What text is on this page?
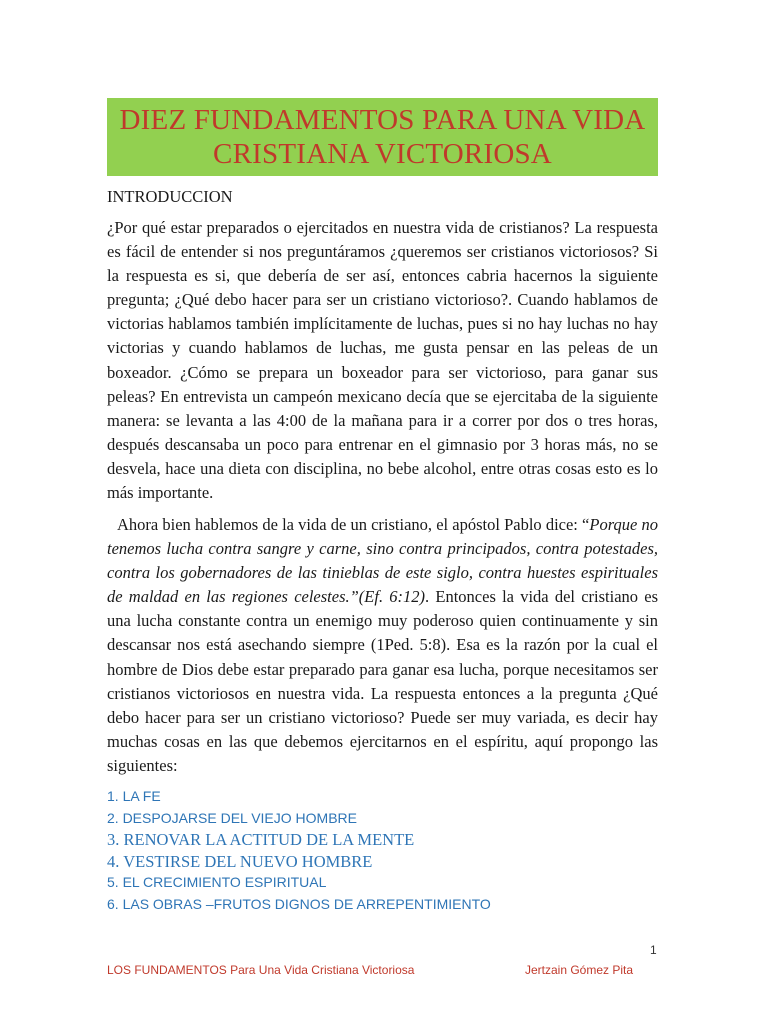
DIEZ FUNDAMENTOS PARA UNA VIDA
CRISTIANA VICTORIOSA
INTRODUCCION

¿Por qué estar preparados o ejercitados en nuestra vida de cristianos? La respuesta es fácil de entender si nos preguntáramos ¿queremos ser cristianos victoriosos? Si la respuesta es si, que debería de ser así, entonces cabria hacernos la siguiente pregunta; ¿Qué debo hacer para ser un cristiano victorioso?. Cuando hablamos de victorias hablamos también implícitamente de luchas, pues si no hay luchas no hay victorias y cuando hablamos de luchas, me gusta pensar en las peleas de un boxeador. ¿Cómo se prepara un boxeador para ser victorioso, para ganar sus peleas? En entrevista un campeón mexicano decía que se ejercitaba de la siguiente manera: se levanta a las 4:00 de la mañana para ir a correr por dos o tres horas, después descansaba un poco para entrenar en el gimnasio por 3 horas más, no se desvela, hace una dieta con disciplina, no bebe alcohol, entre otras cosas esto es lo más importante.

Ahora bien hablemos de la vida de un cristiano, el apóstol Pablo dice: “Porque no tenemos lucha contra sangre y carne, sino contra principados, contra potestades, contra los gobernadores de las tinieblas de este siglo, contra huestes espirituales de maldad en las regiones celestes.”(Ef. 6:12). Entonces la vida del cristiano es una lucha constante contra un enemigo muy poderoso quien continuamente y sin descansar nos está asechando siempre (1Ped. 5:8). Esa es la razón por la cual el hombre de Dios debe estar preparado para ganar esa lucha, porque necesitamos ser cristianos victoriosos en nuestra vida. La respuesta entonces a la pregunta ¿Qué debo hacer para ser un cristiano victorioso? Puede ser muy variada, es decir hay muchas cosas en las que debemos ejercitarnos en el espíritu, aquí propongo las siguientes:

1. LA FE
2. DESPOJARSE DEL VIEJO HOMBRE
3. RENOVAR LA ACTITUD DE LA MENTE
4. VESTIRSE DEL NUEVO HOMBRE
5. EL CRECIMIENTO ESPIRITUAL
6. LAS OBRAS –FRUTOS DIGNOS DE ARREPENTIMIENTO
1
LOS FUNDAMENTOS Para Una Vida Cristiana Victoriosa	Jertzain Gómez Pita
